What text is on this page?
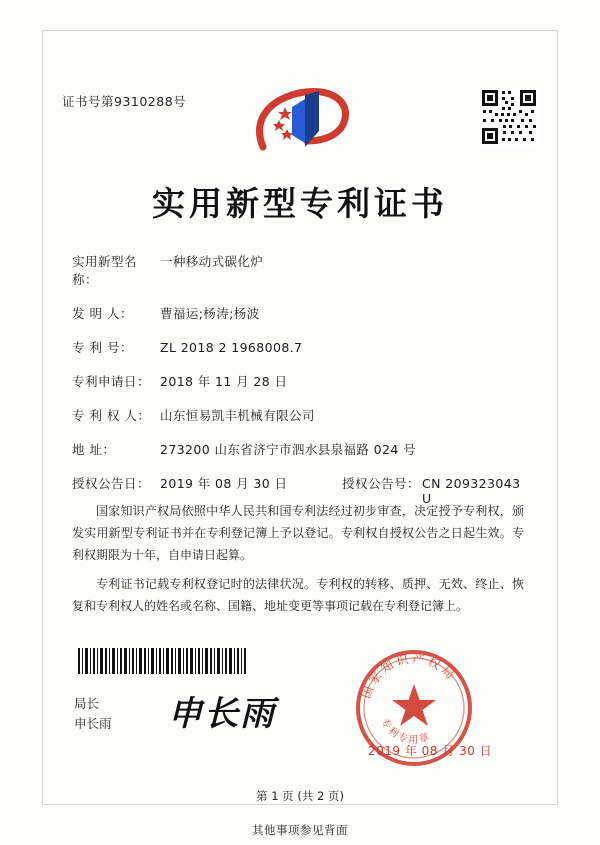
证书号第9310288号
实用新型专利证书
实用新型名称：
一种移动式碳化炉
发 明 人：	曹福运;杨涛;杨波
专 利 号：	ZL 2018 2 1968008.7
专利申请日： 2018 年 11 月 28 日
专 利 权 人： 山东恒易凯丰机械有限公司
地 址：	273200 山东省济宁市泗水县泉福路 024 号
授权公告日： 2019 年 08 月 30 日	授权公告号： CN 209323043 U

国家知识产权局依照中华人民共和国专利法经过初步审查，决定授予专利权，颁发实用新型专利证书并在专利登记簿上予以登记。专利权自授权公告之日起生效。专利权期限为十年，自申请日起算。

专利证书记载专利权登记时的法律状况。专利权的转移、质押、无效、终止、恢复和专利权人的姓名或名称、国籍、地址变更等事项记载在专利登记簿上。

局长
申长雨 申长雨
国家知识产权局
专利专用章
2019 年 08 月 30 日
第 1 页 (共 2 页)
其他事项参见背面
